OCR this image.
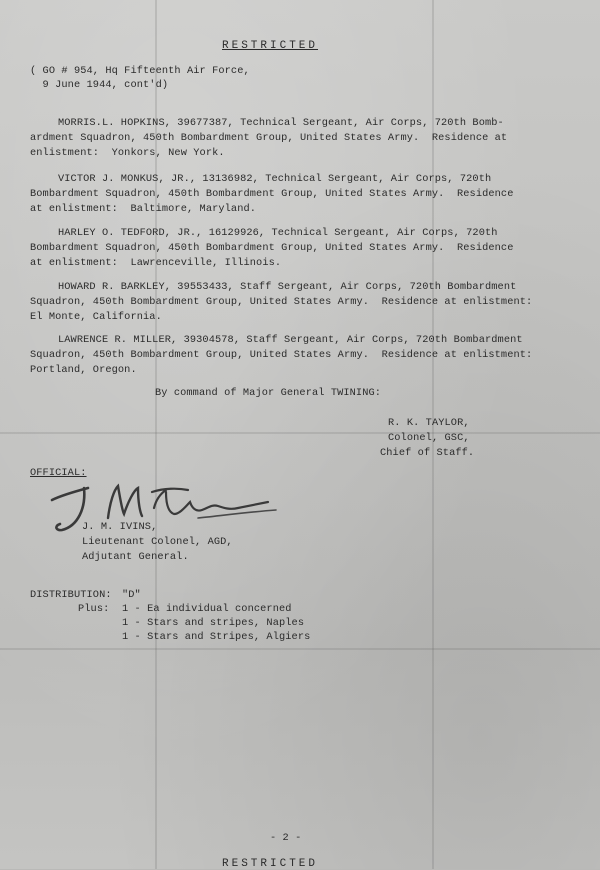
RESTRICTED
( GO # 954, Hq Fifteenth Air Force,
9 June 1944, cont'd)
MORRIS.L. HOPKINS, 39677387, Technical Sergeant, Air Corps, 720th Bomb-
ardment Squadron, 450th Bombardment Group, United States Army.  Residence at
enlistment:  Yonkors, New York.
VICTOR J. MONKUS, JR., 13136982, Technical Sergeant, Air Corps, 720th
Bombardment Squadron, 450th Bombardment Group, United States Army.  Residence
at enlistment:  Baltimore, Maryland.
HARLEY O. TEDFORD, JR., 16129926, Technical Sergeant, Air Corps, 720th
Bombardment Squadron, 450th Bombardment Group, United States Army.  Residence
at enlistment:  Lawrenceville, Illinois.
HOWARD R. BARKLEY, 39553433, Staff Sergeant, Air Corps, 720th Bombardment
Squadron, 450th Bombardment Group, United States Army.  Residence at enlistment:
El Monte, California.
LAWRENCE R. MILLER, 39304578, Staff Sergeant, Air Corps, 720th Bombardment
Squadron, 450th Bombardment Group, United States Army.  Residence at enlistment:
Portland, Oregon.
By command of Major General TWINING:
R. K. TAYLOR,
Colonel, GSC,
Chief of Staff.
OFFICIAL:
J. M. IVINS,
Lieutenant Colonel, AGD,
Adjutant General.
DISTRIBUTION: "D"
Plus: 1 - Ea individual concerned
1 - Stars and stripes, Naples
1 - Stars and Stripes, Algiers
- 2 -
RESTRICTED
